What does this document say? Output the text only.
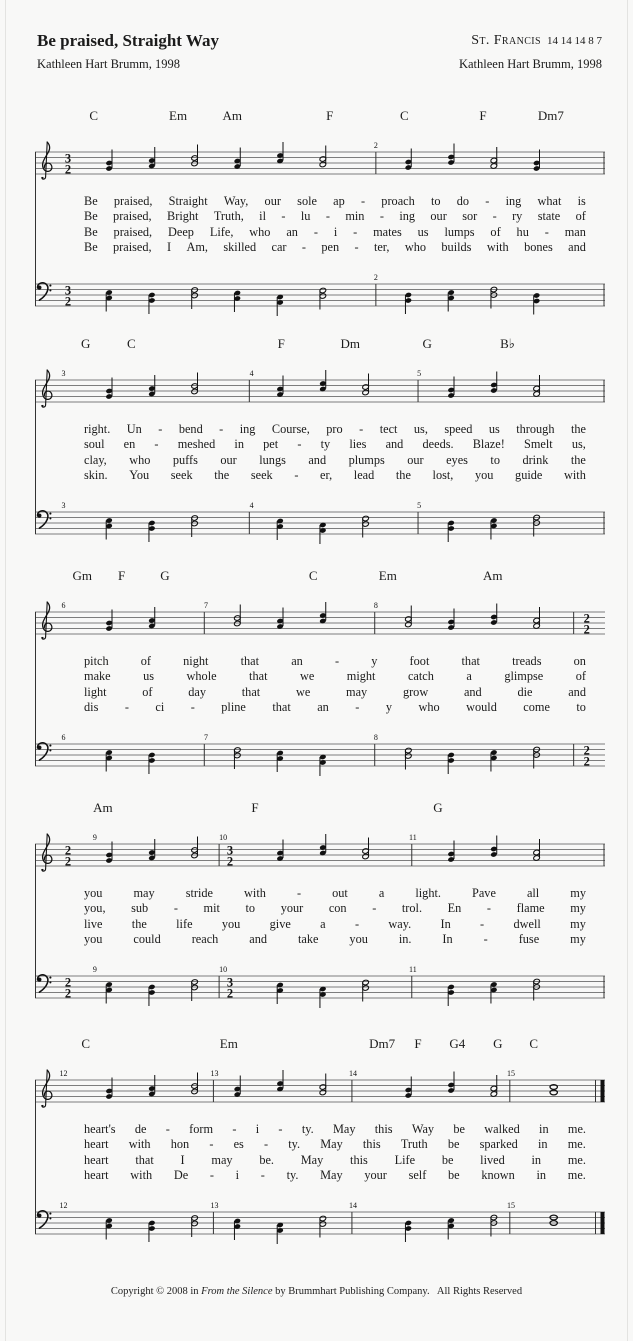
Be praised, Straight Way
Kathleen Hart Brumm, 1998
St. Francis 14 14 14 8 7
Kathleen Hart Brumm, 1998
C	Em	Am	F	C	F	Dm7
3
2
2
Be praised, Straight Way, our sole ap - proach to do - ing what is
Be praised, Bright Truth, il - lu - min - ing our sor - ry state of
Be praised, Deep Life, who an - i - mates us lumps of hu - man
Be praised, I Am, skilled car - pen - ter, who builds with bones and
3
2
2
G	C	F	Dm	G	B♭
3	4	5
right. Un - bend - ing Course, pro - tect us, speed us through the
soul en - meshed in pet - ty lies and deeds. Blaze! Smelt us,
clay, who puffs our lungs and plumps our eyes to drink the
skin. You seek the seek - er, lead the lost, you guide with
3	4	5
Gm F	G	C	Em	Am
2
2
6	7	8
pitch	of	night	that	an	-	y	foot	that	treads	on
make	us	whole	that	we	might	catch	a	glimpse	of
light	of	day	that	we	may	grow	and	die	and
dis - ci - pline that an - y who would come to
2
2
6	7	8
Am	F	G
2
2
3
2
9	10	11
you	may	stride	with	-	out	a	light.	Pave	all	my
you, sub - mit to your con - trol. En - flame my
live the life you give a - way. In - dwell my
you	could	reach	and	take	you	in.	In	-	fuse	my
2
2
3
2
9	10	11
C	Em	Dm7 F G4 G C
12	13	14	15
heart's de - form - i - ty. May this Way be walked in me.
heart with hon - es - ty. May this Truth be sparked in me.
heart that I may be. May this Life be lived in me.
heart with De - i - ty. May your self be known in me.
12	13	14	15
Copyright © 2008 in From the Silence by Brummhart Publishing Company.   All Rights Reserved
